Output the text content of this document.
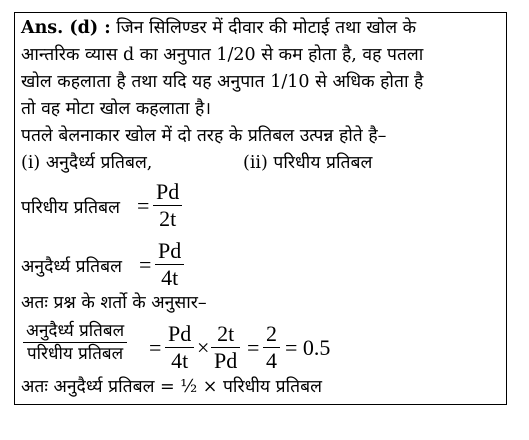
Ans. (d) : जिन सिलिण्डर में दीवार की मोटाई तथा खोल के
आन्तरिक व्यास d का अनुपात 1/20 से कम होता है, वह पतला
खोल कहलाता है तथा यदि यह अनुपात 1/10 से अधिक होता है
तो वह मोटा खोल कहलाता है।
पतले बेलनाकार खोल में दो तरह के प्रतिबल उत्पन्न होते है–
(i) अनुदैर्ध्य प्रतिबल,	(ii) परिधीय प्रतिबल
परिधीय प्रतिबल =
Pd
2t
अनुदैर्ध्य प्रतिबल =
Pd
4t
अतः प्रश्न के शर्तो के अनुसार–
अनुदैर्ध्य प्रतिबल
परिधीय प्रतिबल =
Pd
4t
×
2t
Pd
=
2
4
= 0.5
अतः अनुदैर्ध्य प्रतिबल = ½ × परिधीय प्रतिबल
